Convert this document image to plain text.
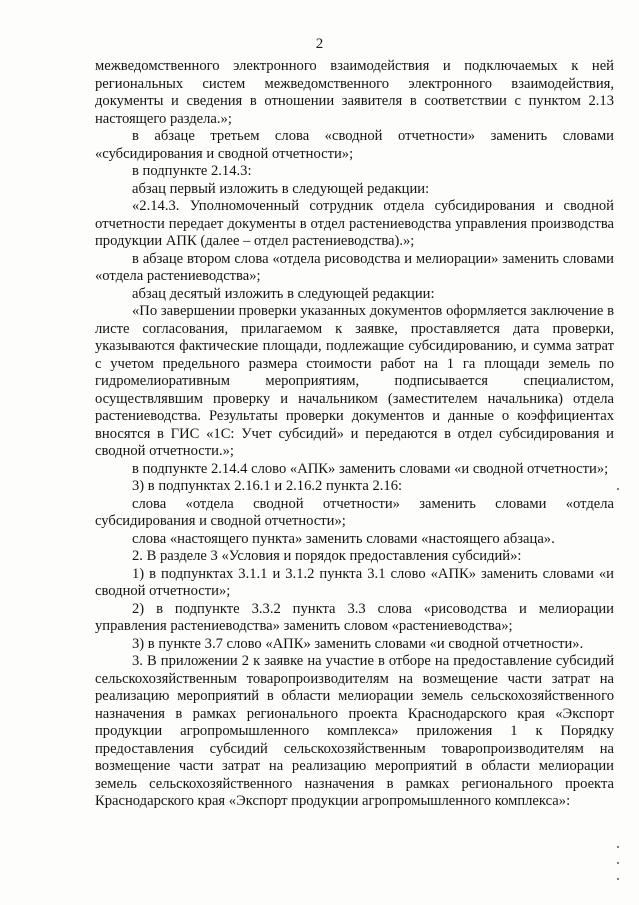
2

межведомственного электронного взаимодействия и подключаемых к ней региональных систем межведомственного электронного взаимодействия, документы и сведения в отношении заявителя в соответствии с пунктом 2.13 настоящего раздела.»;

в абзаце третьем слова «сводной отчетности» заменить словами «субсидирования и сводной отчетности»;

в подпункте 2.14.3:

абзац первый изложить в следующей редакции:

«2.14.3. Уполномоченный сотрудник отдела субсидирования и сводной отчетности передает документы в отдел растениеводства управления производства продукции АПК (далее – отдел растениеводства).»;

в абзаце втором слова «отдела рисоводства и мелиорации» заменить словами «отдела растениеводства»;

абзац десятый изложить в следующей редакции:

«По завершении проверки указанных документов оформляется заключение в листе согласования, прилагаемом к заявке, проставляется дата проверки, указываются фактические площади, подлежащие субсидированию, и сумма затрат с учетом предельного размера стоимости работ на 1 га площади земель по гидромелиоративным мероприятиям, подписывается специалистом, осуществлявшим проверку и начальником (заместителем начальника) отдела растениеводства. Результаты проверки документов и данные о коэффициентах вносятся в ГИС «1С: Учет субсидий» и передаются в отдел субсидирования и сводной отчетности.»;

в подпункте 2.14.4 слово «АПК» заменить словами «и сводной отчетности»;

3) в подпунктах 2.16.1 и 2.16.2 пункта 2.16:

слова «отдела сводной отчетности» заменить словами «отдела субсидирования и сводной отчетности»;

слова «настоящего пункта» заменить словами «настоящего абзаца».

2. В разделе 3 «Условия и порядок предоставления субсидий»:

1) в подпунктах 3.1.1 и 3.1.2 пункта 3.1 слово «АПК» заменить словами «и сводной отчетности»;

2) в подпункте 3.3.2 пункта 3.3 слова «рисоводства и мелиорации управления растениеводства» заменить словом «растениеводства»;

3) в пункте 3.7 слово «АПК» заменить словами «и сводной отчетности».

3. В приложении 2 к заявке на участие в отборе на предоставление субсидий сельскохозяйственным товаропроизводителям на возмещение части затрат на реализацию мероприятий в области мелиорации земель сельскохозяйственного назначения в рамках регионального проекта Краснодарского края «Экспорт продукции агропромышленного комплекса» приложения 1 к Порядку предоставления субсидий сельскохозяйственным товаропроизводителям на возмещение части затрат на реализацию мероприятий в области мелиорации земель сельскохозяйственного назначения в рамках регионального проекта Краснодарского края «Экспорт продукции агропромышленного комплекса»:
